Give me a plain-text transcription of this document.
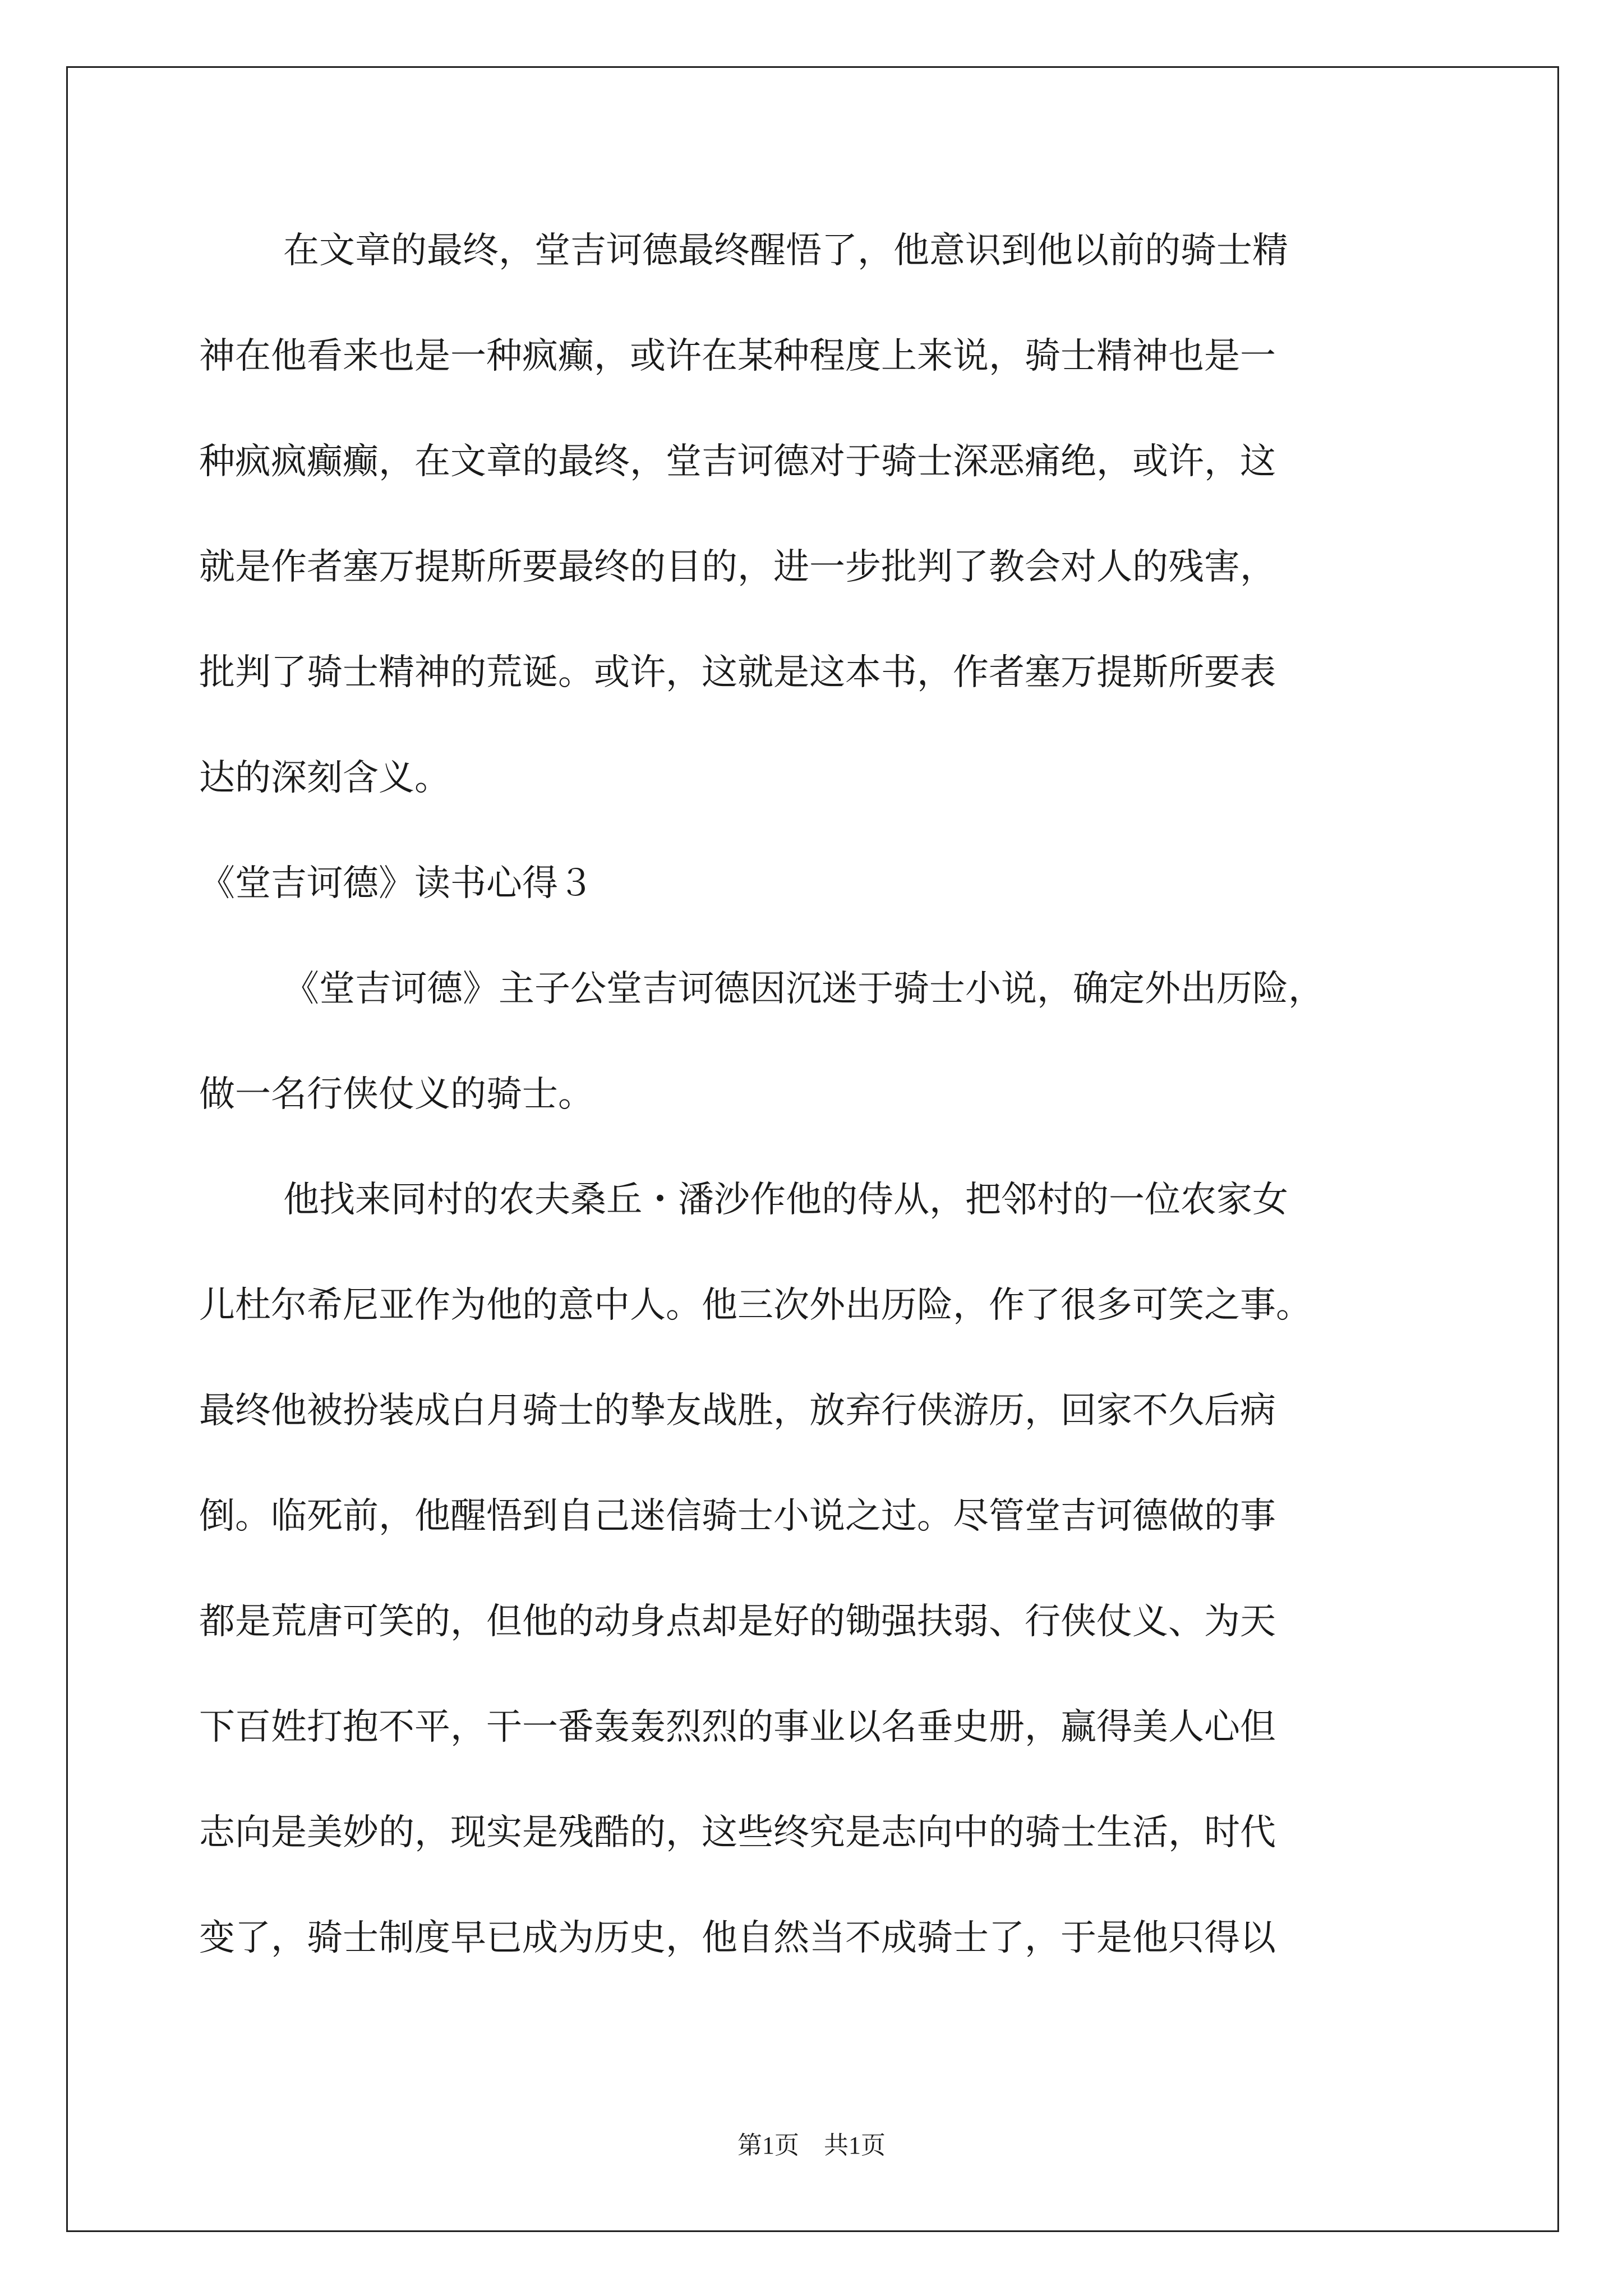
在文章的最终，堂吉诃德最终醒悟了，他意识到他以前的骑士精
神在他看来也是一种疯癫，或许在某种程度上来说，骑士精神也是一
种疯疯癫癫，在文章的最终，堂吉诃德对于骑士深恶痛绝，或许，这
就是作者塞万提斯所要最终的目的，进一步批判了教会对人的残害，
批判了骑士精神的荒诞。或许，这就是这本书，作者塞万提斯所要表
达的深刻含义。
《堂吉诃德》读书心得３
《堂吉诃德》主子公堂吉诃德因沉迷于骑士小说，确定外出历险，
做一名行侠仗义的骑士。
他找来同村的农夫桑丘・潘沙作他的侍从，把邻村的一位农家女
儿杜尔希尼亚作为他的意中人。他三次外出历险，作了很多可笑之事。
最终他被扮装成白月骑士的挚友战胜，放弃行侠游历，回家不久后病
倒。临死前，他醒悟到自己迷信骑士小说之过。尽管堂吉诃德做的事
都是荒唐可笑的，但他的动身点却是好的锄强扶弱、行侠仗义、为天
下百姓打抱不平，干一番轰轰烈烈的事业以名垂史册，赢得美人心但
志向是美妙的，现实是残酷的，这些终究是志向中的骑士生活，时代
变了，骑士制度早已成为历史，他自然当不成骑士了，于是他只得以
第1页　共1页
